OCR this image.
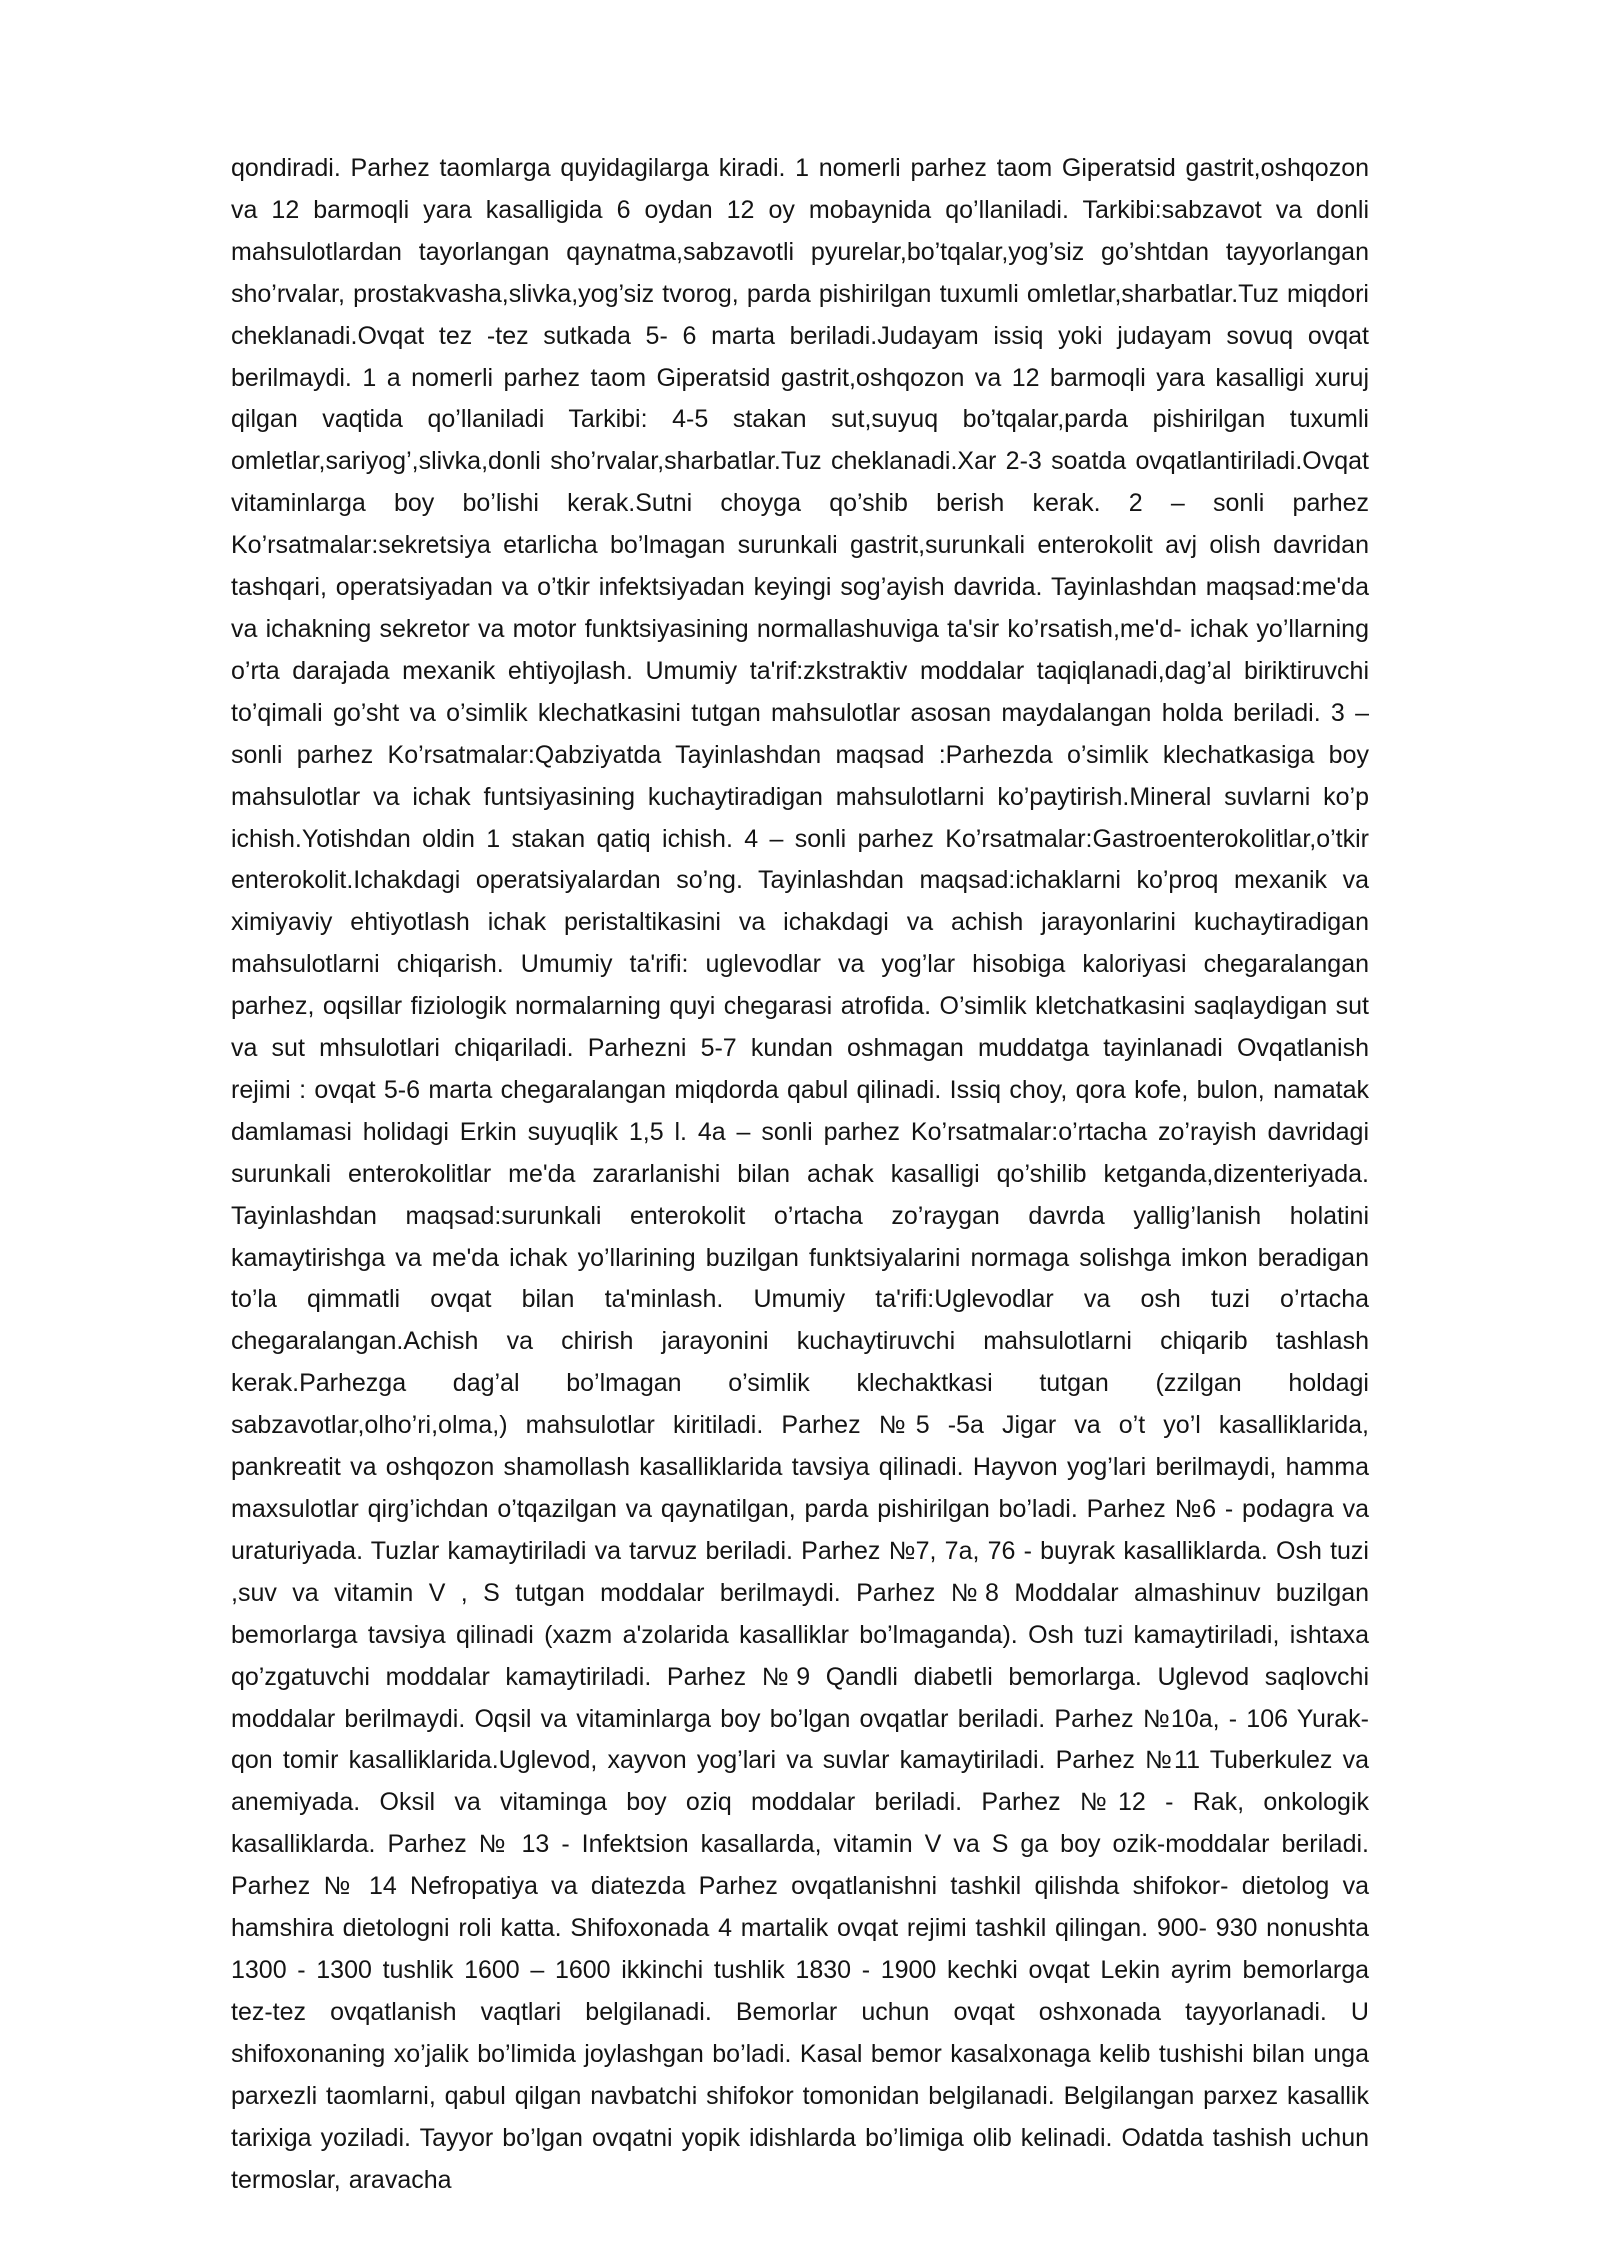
qondiradi. Parhez taomlarga quyidagilarga kiradi. 1 nomerli parhez taom Giperatsid gastrit,oshqozon va 12 barmoqli yara kasalligida 6 oydan 12 oy mobaynida qo’llaniladi. Tarkibi:sabzavot va donli mahsulotlardan tayorlangan qaynatma,sabzavotli pyurelar,bo’tqalar,yog’siz go’shtdan tayyorlangan sho’rvalar, prostakvasha,slivka,yog’siz tvorog, parda pishirilgan tuxumli omletlar,sharbatlar.Tuz miqdori cheklanadi.Ovqat tez -tez sutkada 5- 6 marta beriladi.Judayam issiq yoki judayam sovuq ovqat berilmaydi. 1 a nomerli parhez taom Giperatsid gastrit,oshqozon va 12 barmoqli yara kasalligi xuruj qilgan vaqtida qo’llaniladi Tarkibi: 4-5 stakan sut,suyuq bo’tqalar,parda pishirilgan tuxumli omletlar,sariyog’,slivka,donli sho’rvalar,sharbatlar.Tuz cheklanadi.Xar 2-3 soatda ovqatlantiriladi.Ovqat vitaminlarga boy bo’lishi kerak.Sutni choyga qo’shib berish kerak. 2 – sonli parhez Ko’rsatmalar:sekretsiya etarlicha bo’lmagan surunkali gastrit,surunkali enterokolit avj olish davridan tashqari, operatsiyadan va o’tkir infektsiyadan keyingi sog’ayish davrida. Tayinlashdan maqsad:me'da va ichakning sekretor va motor funktsiyasining normallashuviga ta'sir ko’rsatish,me'd- ichak yo’llarning o’rta darajada mexanik ehtiyojlash. Umumiy ta'rif:zkstraktiv moddalar taqiqlanadi,dag’al biriktiruvchi to’qimali go’sht va o’simlik klechatkasini tutgan mahsulotlar asosan maydalangan holda beriladi. 3 – sonli parhez Ko’rsatmalar:Qabziyatda Tayinlashdan maqsad :Parhezda o’simlik klechatkasiga boy mahsulotlar va ichak funtsiyasining kuchaytiradigan mahsulotlarni ko’paytirish.Mineral suvlarni ko’p ichish.Yotishdan oldin 1 stakan qatiq ichish. 4 – sonli parhez Ko’rsatmalar:Gastroenterokolitlar,o’tkir enterokolit.Ichakdagi operatsiyalardan so’ng. Tayinlashdan maqsad:ichaklarni ko’proq mexanik va ximiyaviy ehtiyotlash ichak peristaltikasini va ichakdagi va achish jarayonlarini kuchaytiradigan mahsulotlarni chiqarish. Umumiy ta'rifi: uglevodlar va yog’lar hisobiga kaloriyasi chegaralangan parhez, oqsillar fiziologik normalarning quyi chegarasi atrofida. O’simlik kletchatkasini saqlaydigan sut va sut mhsulotlari chiqariladi. Parhezni 5-7 kundan oshmagan muddatga tayinlanadi Ovqatlanish rejimi : ovqat 5-6 marta chegaralangan miqdorda qabul qilinadi. Issiq choy, qora kofe, bulon, namatak damlamasi holidagi Erkin suyuqlik 1,5 l. 4a – sonli parhez Ko’rsatmalar:o’rtacha zo’rayish davridagi surunkali enterokolitlar me'da zararlanishi bilan achak kasalligi qo’shilib ketganda,dizenteriyada. Tayinlashdan maqsad:surunkali enterokolit o’rtacha zo’raygan davrda yallig’lanish holatini kamaytirishga va me'da ichak yo’llarining buzilgan funktsiyalarini normaga solishga imkon beradigan to’la qimmatli ovqat bilan ta'minlash. Umumiy ta'rifi:Uglevodlar va osh tuzi o’rtacha chegaralangan.Achish va chirish jarayonini kuchaytiruvchi mahsulotlarni chiqarib tashlash kerak.Parhezga dag’al bo’lmagan o’simlik klechaktkasi tutgan (zzilgan holdagi sabzavotlar,olho’ri,olma,) mahsulotlar kiritiladi. Parhez №5 -5a Jigar va o’t yo’l kasalliklarida, pankreatit va oshqozon shamollash kasalliklarida tavsiya qilinadi. Hayvon yog’lari berilmaydi, hamma maxsulotlar qirg’ichdan o’tqazilgan va qaynatilgan, parda pishirilgan bo’ladi. Parhez №6 - podagra va uraturiyada. Tuzlar kamaytiriladi va tarvuz beriladi. Parhez №7, 7a, 76 - buyrak kasalliklarda. Osh tuzi ,suv va vitamin V , S tutgan moddalar berilmaydi. Parhez №8 Moddalar almashinuv buzilgan bemorlarga tavsiya qilinadi (xazm a'zolarida kasalliklar bo’lmaganda). Osh tuzi kamaytiriladi, ishtaxa qo’zgatuvchi moddalar kamaytiriladi. Parhez №9 Qandli diabetli bemorlarga. Uglevod saqlovchi moddalar berilmaydi. Oqsil va vitaminlarga boy bo’lgan ovqatlar beriladi. Parhez №10a, - 106 Yurak- qon tomir kasalliklarida.Uglevod, xayvon yog’lari va suvlar kamaytiriladi. Parhez №11 Tuberkulez va anemiyada. Oksil va vitaminga boy oziq moddalar beriladi. Parhez №12 - Rak, onkologik kasalliklarda. Parhez № 13 - Infektsion kasallarda, vitamin V va S ga boy ozik-moddalar beriladi. Parhez № 14 Nefropatiya va diatezda Parhez ovqatlanishni tashkil qilishda shifokor- dietolog va hamshira dietologni roli katta. Shifoxonada 4 martalik ovqat rejimi tashkil qilingan. 900- 930 nonushta 1300 - 1300 tushlik 1600 – 1600 ikkinchi tushlik 1830 - 1900 kechki ovqat Lekin ayrim bemorlarga tez-tez ovqatlanish vaqtlari belgilanadi. Bemorlar uchun ovqat oshxonada tayyorlanadi. U shifoxonaning xo’jalik bo’limida joylashgan bo’ladi. Kasal bemor kasalxonaga kelib tushishi bilan unga parxezli taomlarni, qabul qilgan navbatchi shifokor tomonidan belgilanadi. Belgilangan parxez kasallik tarixiga yoziladi. Tayyor bo’lgan ovqatni yopik idishlarda bo’limiga olib kelinadi. Odatda tashish uchun termoslar, aravacha
